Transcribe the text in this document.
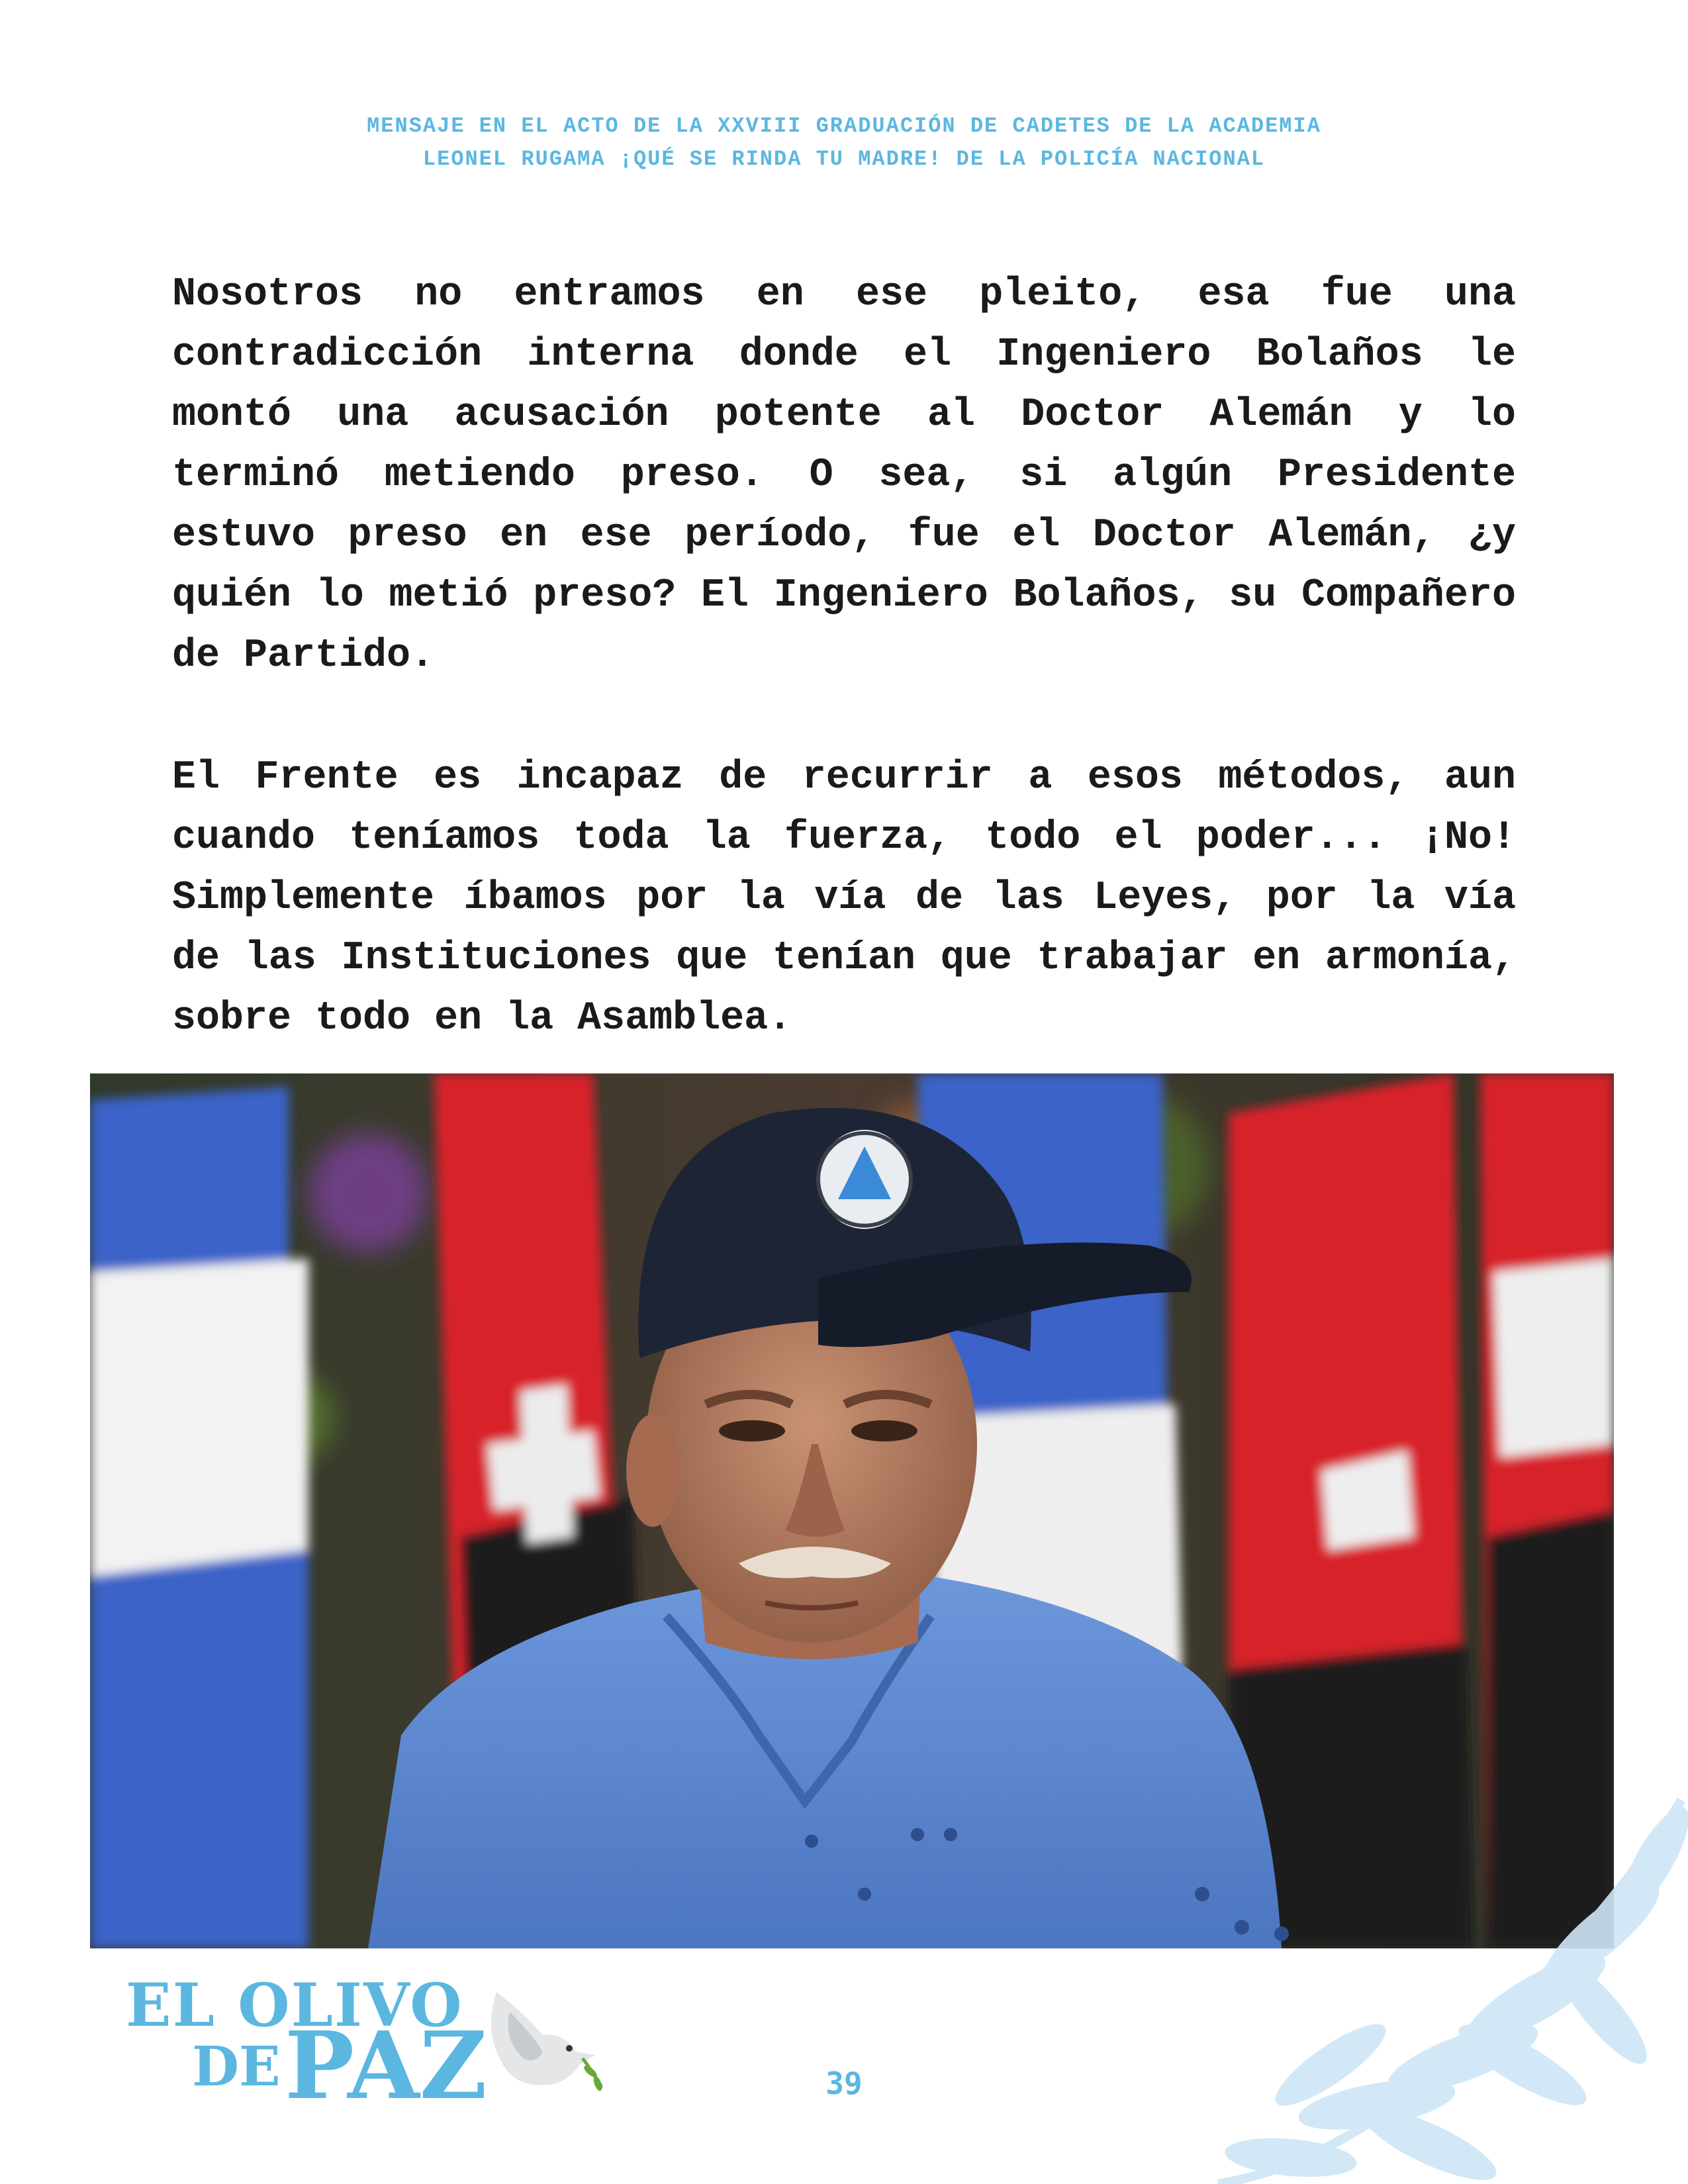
MENSAJE EN EL ACTO DE LA XXVIII GRADUACIÓN DE CADETES DE LA ACADEMIA
LEONEL RUGAMA ¡QUÉ SE RINDA TU MADRE! DE LA POLICÍA NACIONAL

Nosotros no entramos en ese pleito, esa fue una contradicción interna donde el Ingeniero Bolaños le montó una acusación potente al Doctor Alemán y lo terminó metiendo preso. O sea, si algún Presidente estuvo preso en ese período, fue el Doctor Alemán, ¿y quién lo metió preso? El Ingeniero Bolaños, su Compañero de Partido.

El Frente es incapaz de recurrir a esos métodos, aun cuando teníamos toda la fuerza, todo el poder... ¡No! Simplemente íbamos por la vía de las Leyes, por la vía de las Instituciones que tenían que trabajar en armonía, sobre todo en la Asamblea.

EL OLIVO
DE PAZ	39
